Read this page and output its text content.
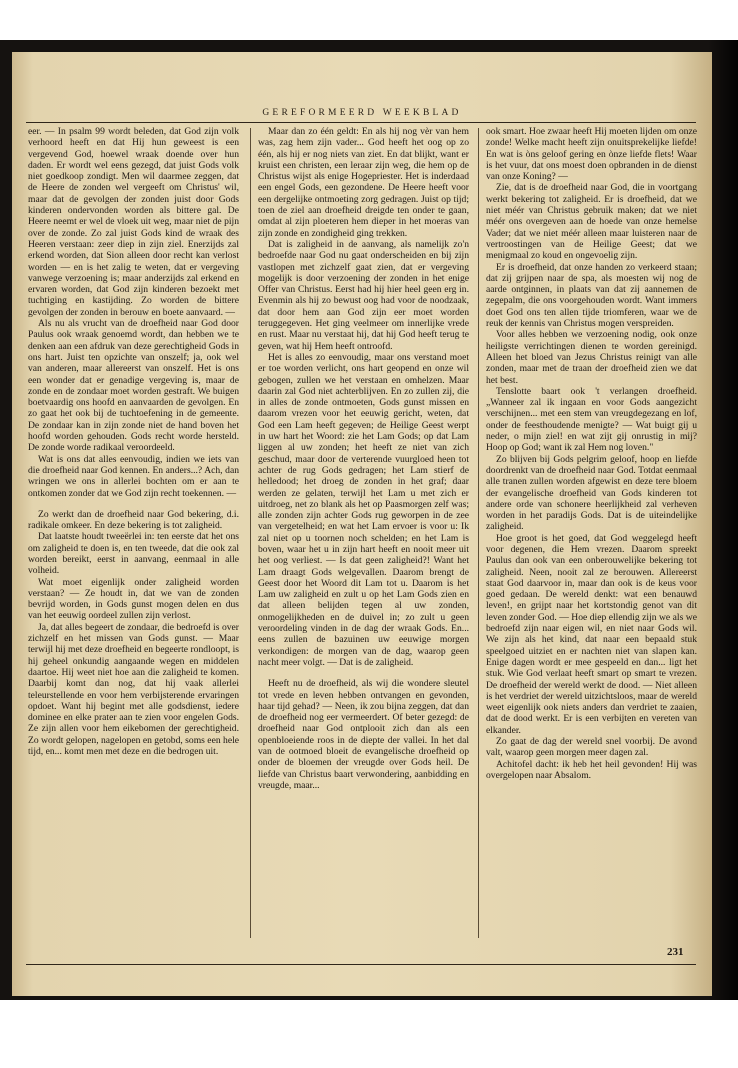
GEREFORMEERD WEEKBLAD

eer. — In psalm 99 wordt beleden, dat God zijn volk verhoord heeft en dat Hij hun geweest is een vergevend God, hoewel wraak doende over hun daden. Er wordt wel eens gezegd, dat juist Gods volk niet goedkoop zondigt. Men wil daarmee zeggen, dat de Heere de zonden wel vergeeft om Christus' wil, maar dat de gevolgen der zonden juist door Gods kinderen ondervonden worden als bittere gal. De Heere neemt er wel de vloek uit weg, maar niet de pijn over de zonde. Zo zal juist Gods kind de wraak des Heeren verstaan: zeer diep in zijn ziel. Enerzijds zal erkend worden, dat Sion alleen door recht kan verlost worden — en is het zalig te weten, dat er vergeving vanwege verzoening is; maar anderzijds zal erkend en ervaren worden, dat God zijn kinderen bezoekt met tuchtiging en kastijding. Zo worden de bittere gevolgen der zonden in berouw en boete aanvaard. —

Als nu als vrucht van de droefheid naar God door Paulus ook wraak genoemd wordt, dan hebben we te denken aan een afdruk van deze gerechtigheid Gods in ons hart. Juist ten opzichte van onszelf; ja, ook wel van anderen, maar allereerst van onszelf. Het is ons een wonder dat er genadige vergeving is, maar de zonde en de zondaar moet worden gestraft. We buigen boetvaardig ons hoofd en aanvaarden de gevolgen. En zo gaat het ook bij de tuchtoefening in de gemeente. De zondaar kan in zijn zonde niet de hand boven het hoofd worden gehouden. Gods recht worde hersteld. De zonde worde radikaal veroordeeld.

Wat is ons dat alles eenvoudig, indien we iets van die droefheid naar God kennen. En anders...? Ach, dan wringen we ons in allerlei bochten om er aan te ontkomen zonder dat we God zijn recht toekennen. —

Zo werkt dan de droefheid naar God bekering, d.i. radikale omkeer. En deze bekering is tot zaligheid.

Dat laatste houdt tweeërlei in: ten eerste dat het ons om zaligheid te doen is, en ten tweede, dat die ook zal worden bereikt, eerst in aanvang, eenmaal in alle volheid.

Wat moet eigenlijk onder zaligheid worden verstaan? — Ze houdt in, dat we van de zonden bevrijd worden, in Gods gunst mogen delen en dus van het eeuwig oordeel zullen zijn verlost.

Ja, dat alles begeert de zondaar, die bedroefd is over zichzelf en het missen van Gods gunst. — Maar terwijl hij met deze droefheid en begeerte rondloopt, is hij geheel onkundig aangaande wegen en middelen daartoe. Hij weet niet hoe aan die zaligheid te komen. Daarbij komt dan nog, dat hij vaak allerlei teleurstellende en voor hem verbijsterende ervaringen opdoet. Want hij begint met alle godsdienst, iedere dominee en elke prater aan te zien voor engelen Gods. Ze zijn allen voor hem eikebomen der gerechtigheid. Zo wordt gelopen, nagelopen en getobd, soms een hele tijd, en... komt men met deze en die bedrogen uit.

Maar dan zo één geldt: En als hij nog vèr van hem was, zag hem zijn vader... God heeft het oog op zo één, als hij er nog niets van ziet. En dat blijkt, want er kruist een christen, een leraar zijn weg, die hem op de Christus wijst als enige Hogepriester. Het is inderdaad een engel Gods, een gezondene. De Heere heeft voor een dergelijke ontmoeting zorg gedragen. Juist op tijd; toen de ziel aan droefheid dreigde ten onder te gaan, omdat al zijn ploeteren hem dieper in het moeras van zijn zonde en zondigheid ging trekken.

Dat is zaligheid in de aanvang, als namelijk zo'n bedroefde naar God nu gaat onderscheiden en bij zijn vastlopen met zichzelf gaat zien, dat er vergeving mogelijk is door verzoening der zonden in het enige Offer van Christus. Eerst had hij hier heel geen erg in. Evenmin als hij zo bewust oog had voor de noodzaak, dat door hem aan God zijn eer moet worden teruggegeven. Het ging veelmeer om innerlijke vrede en rust. Maar nu verstaat hij, dat hij God heeft terug te geven, wat hij Hem heeft ontroofd.

Het is alles zo eenvoudig, maar ons verstand moet er toe worden verlicht, ons hart geopend en onze wil gebogen, zullen we het verstaan en omhelzen. Maar daarin zal God niet achterblijven. En zo zullen zij, die in alles de zonde ontmoeten, Gods gunst missen en daarom vrezen voor het eeuwig gericht, weten, dat God een Lam heeft gegeven; de Heilige Geest werpt in uw hart het Woord: zie het Lam Gods; op dat Lam liggen al uw zonden; het heeft ze niet van zich geschud, maar door de verterende vuurgloed heen tot achter de rug Gods gedragen; het Lam stierf de helledood; het droeg de zonden in het graf; daar werden ze gelaten, terwijl het Lam u met zich er uitdroeg, net zo blank als het op Paasmorgen zelf was; alle zonden zijn achter Gods rug geworpen in de zee van vergetelheid; en wat het Lam ervoer is voor u: Ik zal niet op u toornen noch schelden; en het Lam is boven, waar het u in zijn hart heeft en nooit meer uit het oog verliest. — Is dat geen zaligheid?! Want het Lam draagt Gods welgevallen. Daarom brengt de Geest door het Woord dit Lam tot u. Daarom is het Lam uw zaligheid en zult u op het Lam Gods zien en dat alleen belijden tegen al uw zonden, onmogelijkheden en de duivel in; zo zult u geen veroordeling vinden in de dag der wraak Gods. En... eens zullen de bazuinen uw eeuwige morgen verkondigen: de morgen van de dag, waarop geen nacht meer volgt. — Dat is de zaligheid.

Heeft nu de droefheid, als wij die wondere sleutel tot vrede en leven hebben ontvangen en gevonden, haar tijd gehad? — Neen, ik zou bijna zeggen, dat dan de droefheid nog eer vermeerdert. Of beter gezegd: de droefheid naar God ontplooit zich dan als een openbloeiende roos in de diepte der vallei. In het dal van de ootmoed bloeit de evangelische droefheid op onder de bloemen der vreugde over Gods heil. De liefde van Christus baart verwondering, aanbidding en vreugde, maar...

ook smart. Hoe zwaar heeft Hij moeten lijden om onze zonde! Welke macht heeft zijn onuitsprekelijke liefde! En wat is òns geloof gering en ònze liefde flets! Waar is het vuur, dat ons moest doen opbranden in de dienst van onze Koning? —

Zie, dat is de droefheid naar God, die in voortgang werkt bekering tot zaligheid. Er is droefheid, dat we niet méér van Christus gebruik maken; dat we niet méér ons overgeven aan de hoede van onze hemelse Vader; dat we niet méér alleen maar luisteren naar de vertroostingen van de Heilige Geest; dat we menigmaal zo koud en ongevoelig zijn.

Er is droefheid, dat onze handen zo verkeerd staan; dat zij grijpen naar de spa, als moesten wij nog de aarde ontginnen, in plaats van dat zij aannemen de zegepalm, die ons voorgehouden wordt. Want immers doet God ons ten allen tijde triomferen, waar we de reuk der kennis van Christus mogen verspreiden.

Voor alles hebben we verzoening nodig, ook onze heiligste verrichtingen dienen te worden gereinigd. Alleen het bloed van Jezus Christus reinigt van alle zonden, maar met de traan der droefheid zien we dat het best.

Tenslotte baart ook 't verlangen droefheid. „Wanneer zal ik ingaan en voor Gods aangezicht verschijnen... met een stem van vreugdegezang en lof, onder de feesthoudende menigte? — Wat buigt gij u neder, o mijn ziel! en wat zijt gij onrustig in mij? Hoop op God; want ik zal Hem nog loven."

Zo blijven bij Gods pelgrim geloof, hoop en liefde doordrenkt van de droefheid naar God. Totdat eenmaal alle tranen zullen worden afgewist en deze tere bloem der evangelische droefheid van Gods kinderen tot andere orde van schonere heerlijkheid zal verheven worden in het paradijs Gods. Dat is de uiteindelijke zaligheid.

Hoe groot is het goed, dat God weggelegd heeft voor degenen, die Hem vrezen. Daarom spreekt Paulus dan ook van een onberouwelijke bekering tot zaligheid. Neen, nooit zal ze berouwen. Allereerst staat God daarvoor in, maar dan ook is de keus voor goed gedaan. De wereld denkt: wat een benauwd leven!, en grijpt naar het kortstondig genot van dit leven zonder God. — Hoe diep ellendig zijn we als we bedroefd zijn naar eigen wil, en niet naar Gods wil. We zijn als het kind, dat naar een bepaald stuk speelgoed uitziet en er nachten niet van slapen kan. Enige dagen wordt er mee gespeeld en dan... ligt het stuk. Wie God verlaat heeft smart op smart te vrezen. De droefheid der wereld werkt de dood. — Niet alleen is het verdriet der wereld uitzichtsloos, maar de wereld weet eigenlijk ook niets anders dan verdriet te zaaien, dat de dood werkt. Er is een verbijten en vereten van elkander.

Zo gaat de dag der wereld snel voorbij. De avond valt, waarop geen morgen meer dagen zal.

Achitofel dacht: ik heb het heil gevonden! Hij was overgelopen naar Absalom.

231
